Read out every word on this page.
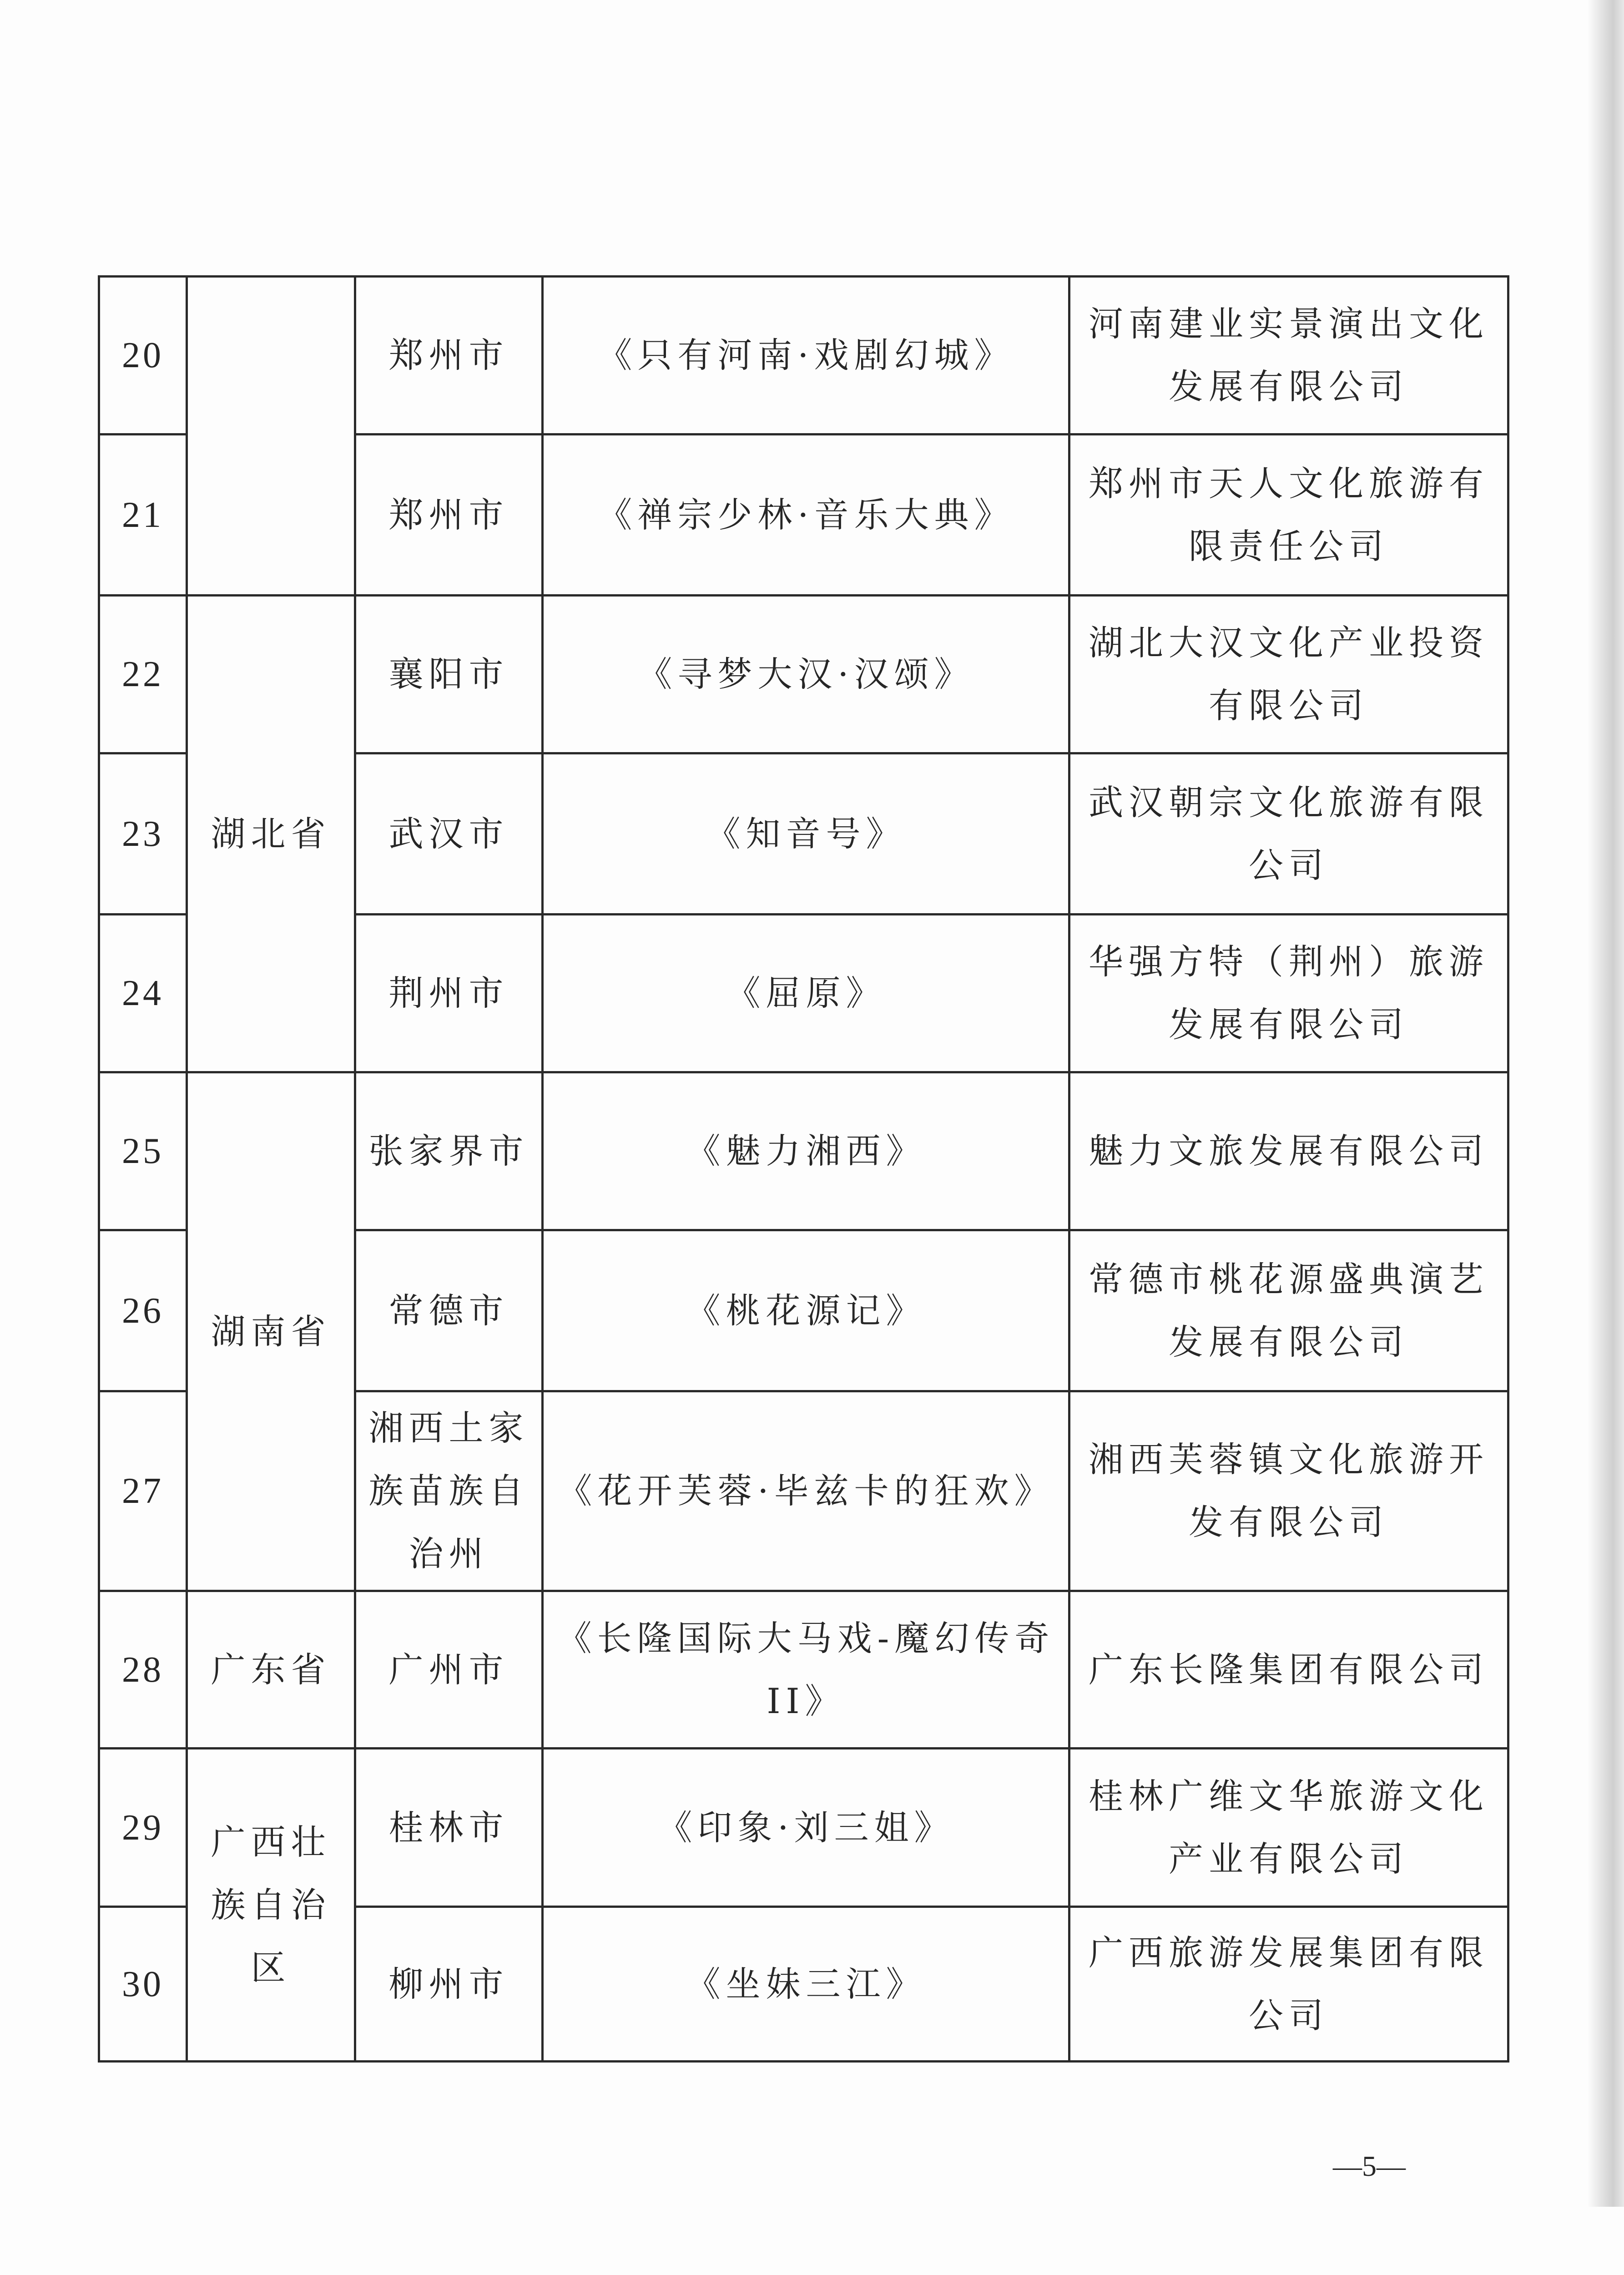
20		郑州市	《只有河南·戏剧幻城》	河南建业实景演出文化发展有限公司
21		郑州市	《禅宗少林·音乐大典》	郑州市天人文化旅游有限责任公司
22	湖北省	襄阳市	《寻梦大汉·汉颂》	湖北大汉文化产业投资有限公司
23		武汉市	《知音号》	武汉朝宗文化旅游有限公司
24		荆州市	《屈原》	华强方特（荆州）旅游发展有限公司
25	湖南省	张家界市	《魅力湘西》	魅力文旅发展有限公司
26		常德市	《桃花源记》	常德市桃花源盛典演艺发展有限公司
27		湘西土家族苗族自治州	《花开芙蓉·毕兹卡的狂欢》	湘西芙蓉镇文化旅游开发有限公司
28	广东省	广州市	《长隆国际大马戏-魔幻传奇II》	广东长隆集团有限公司
29	广西壮族自治区	桂林市	《印象·刘三姐》	桂林广维文华旅游文化产业有限公司
30		柳州市	《坐妹三江》	广西旅游发展集团有限公司
—5—
